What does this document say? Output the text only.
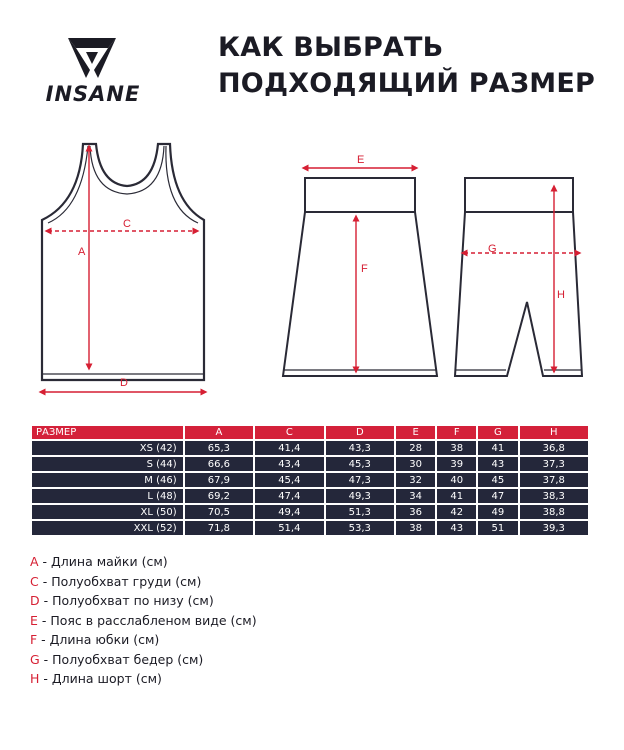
INSANE
КАК ВЫБРАТЬ
ПОДХОДЯЩИЙ РАЗМЕР
A
C
D
E
F
G
H
РАЗМЕР	A	C	D	E	F	G	H
XS (42)	65,3	41,4	43,3	28	38	41	36,8
S (44)	66,6	43,4	45,3	30	39	43	37,3
M (46)	67,9	45,4	47,3	32	40	45	37,8
L (48)	69,2	47,4	49,3	34	41	47	38,3
XL (50)	70,5	49,4	51,3	36	42	49	38,8
XXL (52)	71,8	51,4	53,3	38	43	51	39,3
A - Длина майки (см)
C - Полуобхват груди (см)
D - Полуобхват по низу (см)
E - Пояс в расслабленом виде (см)
F - Длина юбки (см)
G - Полуобхват бедер (см)
H - Длина шорт (см)
